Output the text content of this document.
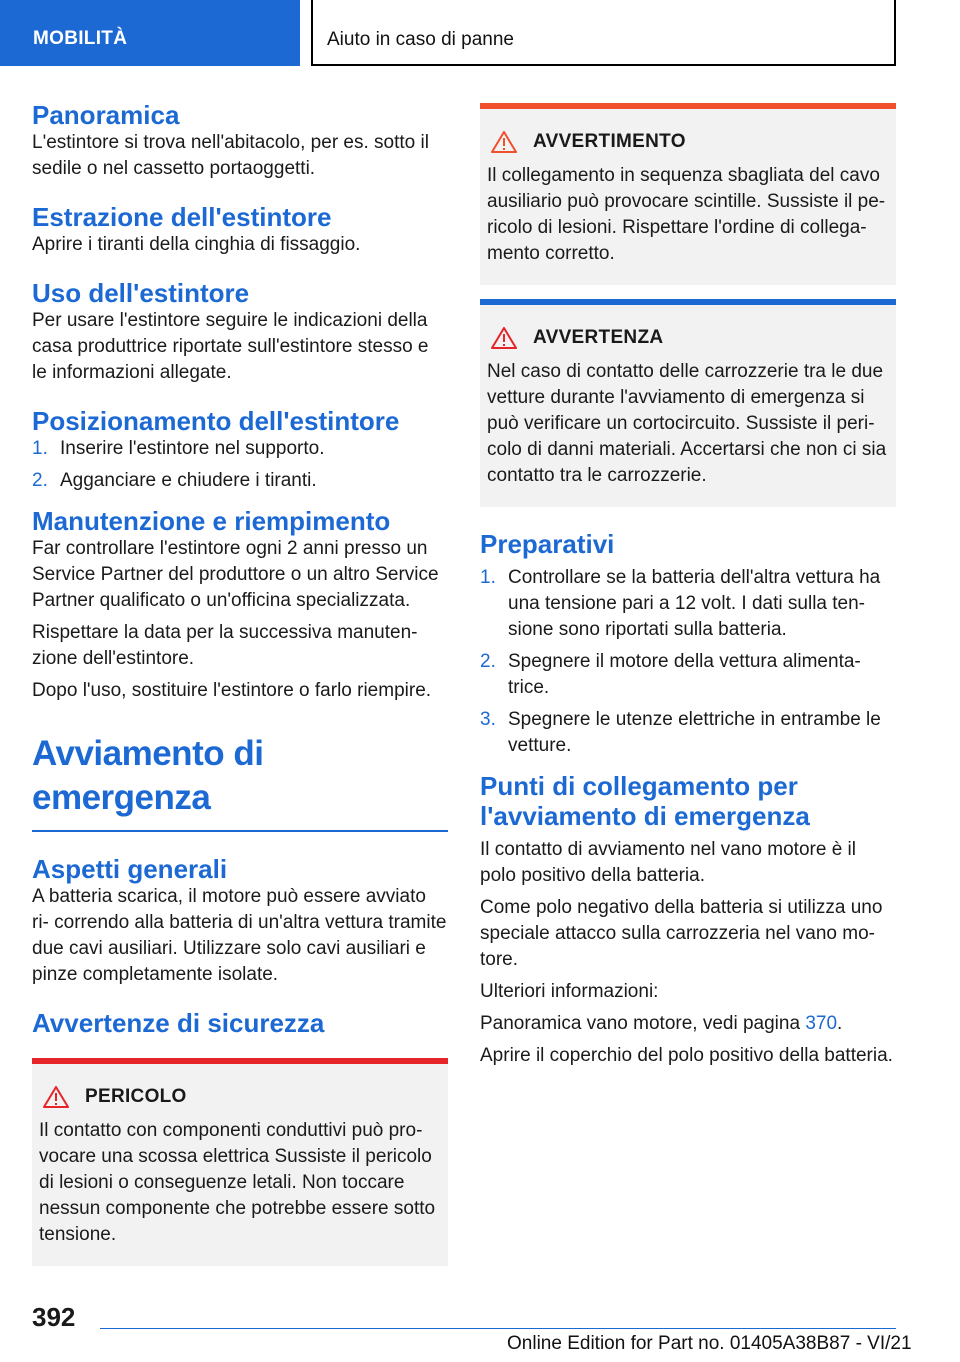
MOBILITÀ	Aiuto in caso di panne
Panoramica

L'estintore si trova nell'abitacolo, per es. sotto il sedile o nel cassetto portaoggetti.

Estrazione dell'estintore

Aprire i tiranti della cinghia di fissaggio.

Uso dell'estintore

Per usare l'estintore seguire le indicazioni della casa produttrice riportate sull'estintore stesso e le informazioni allegate.

Posizionamento dell'estintore
1. Inserire l'estintore nel supporto.
2. Agganciare e chiudere i tiranti.
Manutenzione e riempimento

Far controllare l'estintore ogni 2 anni presso un Service Partner del produttore o un altro Service Partner qualificato o un'officina specializzata.

Rispettare la data per la successiva manuten‐ zione dell'estintore.

Dopo l'uso, sostituire l'estintore o farlo riempire.

Avviamento di emergenza
Aspetti generali

A batteria scarica, il motore può essere avviato ri‐ correndo alla batteria di un'altra vettura tramite due cavi ausiliari. Utilizzare solo cavi ausiliari e pinze completamente isolate.

Avvertenze di sicurezza
PERICOLO

Il contatto con componenti conduttivi può pro‐ vocare una scossa elettrica Sussiste il pericolo di lesioni o conseguenze letali. Non toccare nessun componente che potrebbe essere sotto tensione.

AVVERTIMENTO

Il collegamento in sequenza sbagliata del cavo ausiliario può provocare scintille. Sussiste il pe‐ ricolo di lesioni. Rispettare l'ordine di collega‐ mento corretto.

AVVERTENZA

Nel caso di contatto delle carrozzerie tra le due vetture durante l'avviamento di emergenza si può verificare un cortocircuito. Sussiste il peri‐ colo di danni materiali. Accertarsi che non ci sia contatto tra le carrozzerie.

Preparativi
1. Controllare se la batteria dell'altra vettura ha una tensione pari a 12 volt. I dati sulla ten‐ sione sono riportati sulla batteria.
2. Spegnere il motore della vettura alimenta‐ trice.
3. Spegnere le utenze elettriche in entrambe le vetture.
Punti di collegamento per l'avviamento di emergenza

Il contatto di avviamento nel vano motore è il polo positivo della batteria.

Come polo negativo della batteria si utilizza uno speciale attacco sulla carrozzeria nel vano mo‐ tore.

Ulteriori informazioni:

Panoramica vano motore, vedi pagina 370.

Aprire il coperchio del polo positivo della batteria.

392
Online Edition for Part no. 01405A38B87 - VI/21
